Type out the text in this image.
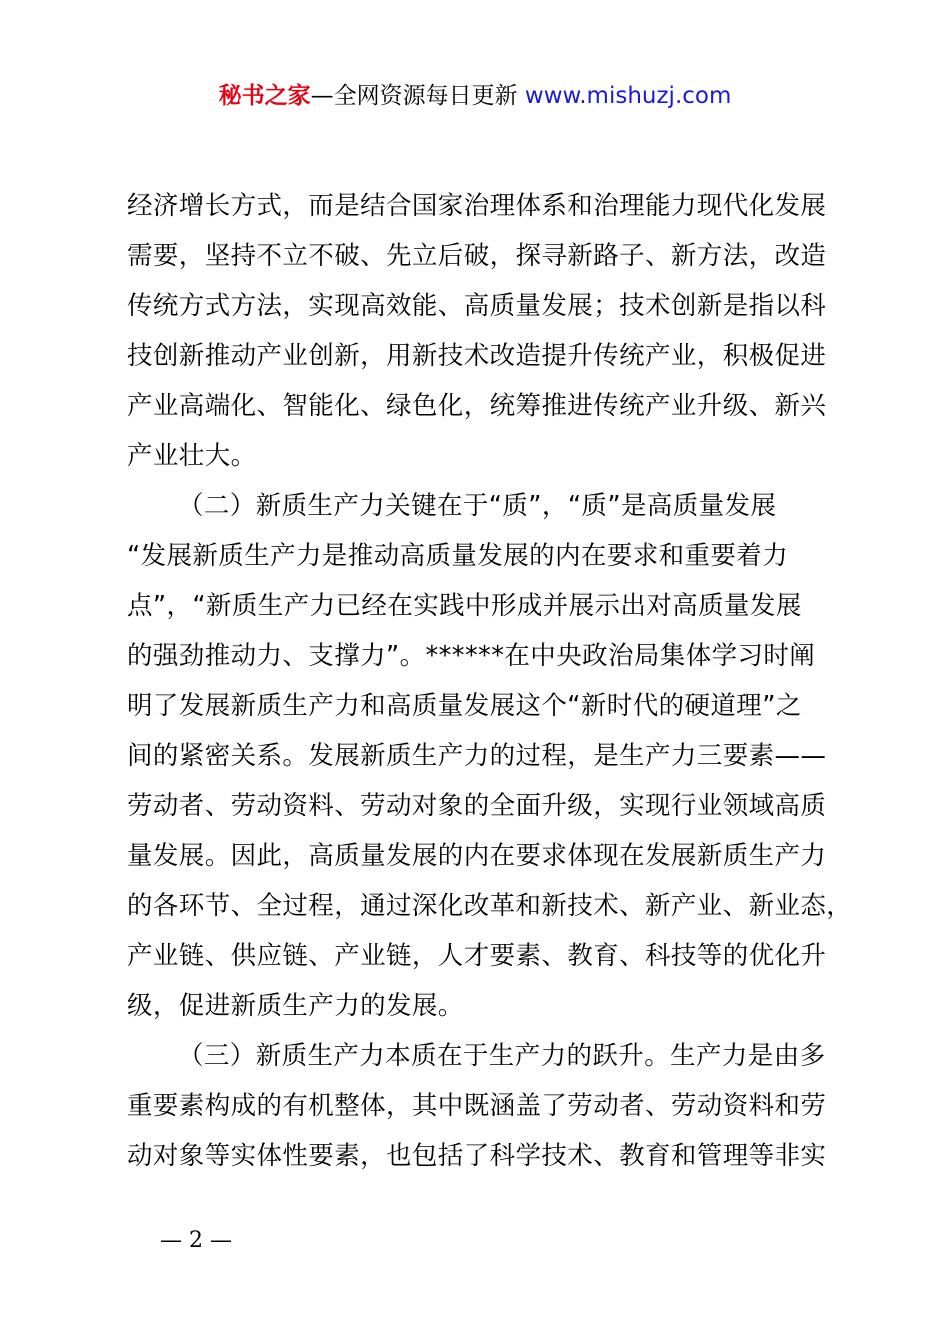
秘书之家—全网资源每日更新 www.mishuzj.com
经济增长方式，而是结合国家治理体系和治理能力现代化发展
需要，坚持不立不破、先立后破，探寻新路子、新方法，改造
传统方式方法，实现高效能、高质量发展；技术创新是指以科
技创新推动产业创新，用新技术改造提升传统产业，积极促进
产业高端化、智能化、绿色化，统筹推进传统产业升级、新兴
产业壮大。
（二）新质生产力关键在于“质”，“质”是高质量发展
“发展新质生产力是推动高质量发展的内在要求和重要着力
点”，“新质生产力已经在实践中形成并展示出对高质量发展
的强劲推动力、支撑力”。******在中央政治局集体学习时阐
明了发展新质生产力和高质量发展这个“新时代的硬道理”之
间的紧密关系。发展新质生产力的过程，是生产力三要素——
劳动者、劳动资料、劳动对象的全面升级，实现行业领域高质
量发展。因此，高质量发展的内在要求体现在发展新质生产力
的各环节、全过程，通过深化改革和新技术、新产业、新业态，
产业链、供应链、产业链，人才要素、教育、科技等的优化升
级，促进新质生产力的发展。
（三）新质生产力本质在于生产力的跃升。生产力是由多
重要素构成的有机整体，其中既涵盖了劳动者、劳动资料和劳
动对象等实体性要素，也包括了科学技术、教育和管理等非实
— 2 —
